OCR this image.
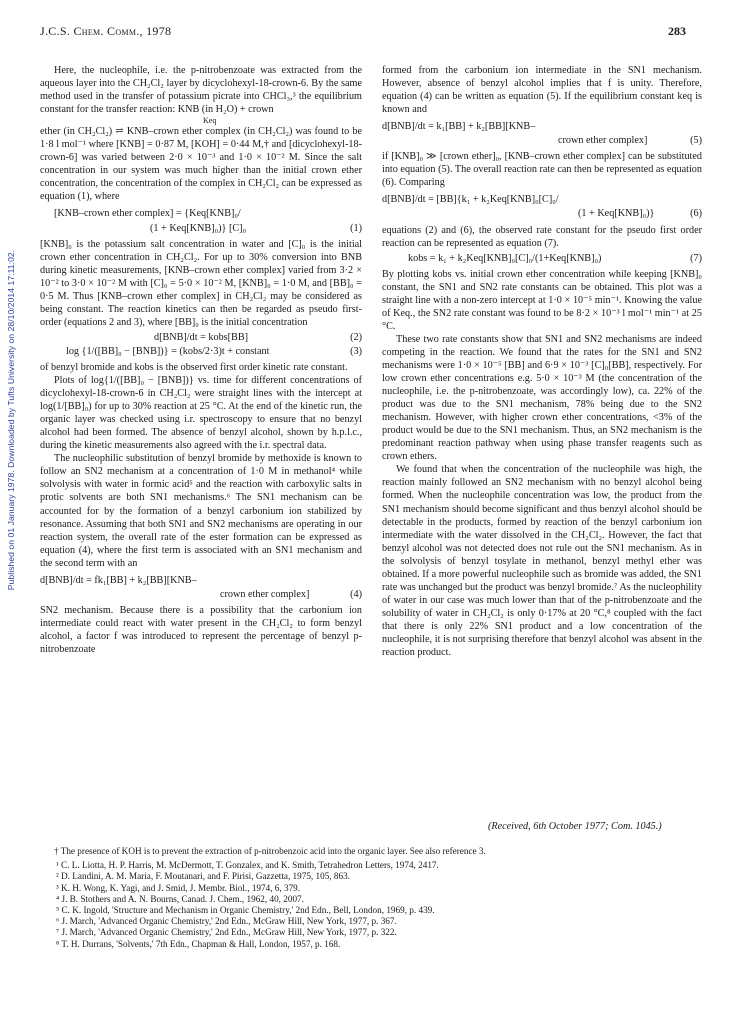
Published on 01 January 1978. Downloaded by Tufts University on 28/10/2014 17:11:02.
J.C.S. Chem. Comm., 1978	283

Here, the nucleophile, i.e. the p-nitrobenzoate was extracted from the aqueous layer into the CH₂Cl₂ layer by dicyclohexyl-18-crown-6. By the same method used in the transfer of potassium picrate into CHCl₃,³ the equilibrium constant for the transfer reaction: KNB (in H₂O) + crown

Keq

ether (in CH₂Cl₂) ⇌ KNB–crown ether complex (in CH₂Cl₂) was found to be 1·8 l mol⁻¹ where [KNB] = 0·87 M, [KOH] = 0·44 M,† and [dicyclohexyl-18-crown-6] was varied between 2·0 × 10⁻³ and 1·0 × 10⁻² M. Since the salt concentration in our system was much higher than the initial crown ether concentration, the concentration of the complex in CH₂Cl₂ can be expressed as equation (1), where

[KNB–crown ether complex] = {Keq[KNB]₀/
(1 + Keq[KNB]₀)} [C]₀	(1)

[KNB]₀ is the potassium salt concentration in water and [C]₀ is the initial crown ether concentration in CH₂Cl₂. For up to 30% conversion into BNB during kinetic measurements, [KNB–crown ether complex] varied from 3·2 × 10⁻² to 3·0 × 10⁻² M with [C]₀ = 5·0 × 10⁻² M, [KNB]₀ = 1·0 M, and [BB]₀ = 0·5 M. Thus [KNB–crown ether complex] in CH₂Cl₂ may be considered as being constant. The reaction kinetics can then be regarded as pseudo first-order (equations 2 and 3), where [BB]₀ is the initial concentration

d[BNB]/dt = kobs[BB]	(2)
log {1/([BB]₀ − [BNB])} = (kobs/2·3)t + constant	(3)

of benzyl bromide and kobs is the observed first order kinetic rate constant.

Plots of log{1/([BB]₀ − [BNB])} vs. time for different concentrations of dicyclohexyl-18-crown-6 in CH₂Cl₂ were straight lines with the intercept at log(1/[BB]₀) for up to 30% reaction at 25 °C. At the end of the kinetic run, the organic layer was checked using i.r. spectroscopy to ensure that no benzyl alcohol had been formed. The absence of benzyl alcohol, shown by h.p.l.c., during the kinetic measurements also agreed with the i.r. spectral data.

The nucleophilic substitution of benzyl bromide by methoxide is known to follow an SN2 mechanism at a concentration of 1·0 M in methanol⁴ while solvolysis with water in formic acid⁵ and the reaction with carboxylic salts in protic solvents are both SN1 mechanisms.⁶ The SN1 mechanism can be accounted for by the formation of a benzyl carbonium ion stabilized by resonance. Assuming that both SN1 and SN2 mechanisms are operating in our reaction system, the overall rate of the ester formation can be expressed as equation (4), where the first term is associated with an SN1 mechanism and the second term with an

d[BNB]/dt = fk₁[BB] + k₂[BB][KNB–
crown ether complex]	(4)

SN2 mechanism. Because there is a possibility that the carbonium ion intermediate could react with water present in the CH₂Cl₂ to form benzyl alcohol, a factor f was introduced to represent the percentage of benzyl p-nitrobenzoate

formed from the carbonium ion intermediate in the SN1 mechanism. However, absence of benzyl alcohol implies that f is unity. Therefore, equation (4) can be written as equation (5). If the equilibrium constant keq is known and

d[BNB]/dt = k₁[BB] + k₂[BB][KNB–
crown ether complex]	(5)

if [KNB]₀ ≫ [crown ether]₀, [KNB–crown ether complex] can be substituted into equation (5). The overall reaction rate can then be represented as equation (6). Comparing

d[BNB]/dt = [BB]{k₁ + k₂Keq[KNB]₀[C]₀/
(1 + Keq[KNB]₀)}	(6)

equations (2) and (6), the observed rate constant for the pseudo first order reaction can be represented as equation (7).

kobs = k₁ + k₂Keq[KNB]₀[C]₀/(1+Keq[KNB]₀)	(7)

By plotting kobs vs. initial crown ether concentration while keeping [KNB]₀ constant, the SN1 and SN2 rate constants can be obtained. This plot was a straight line with a non-zero intercept at 1·0 × 10⁻⁵ min⁻¹. Knowing the value of Keq., the SN2 rate constant was found to be 8·2 × 10⁻³ l mol⁻¹ min⁻¹ at 25 °C.

These two rate constants show that SN1 and SN2 mechanisms are indeed competing in the reaction. We found that the rates for the SN1 and SN2 mechanisms were 1·0 × 10⁻⁵ [BB] and 6·9 × 10⁻³ [C]₀[BB], respectively. For low crown ether concentrations e.g. 5·0 × 10⁻³ M (the concentration of the nucleophile, i.e. the p-nitrobenzoate, was accordingly low), ca. 22% of the product was due to the SN1 mechanism, 78% being due to the SN2 mechanism. However, with higher crown ether concentrations, <3% of the product would be due to the SN1 mechanism. Thus, an SN2 mechanism is the predominant reaction pathway when using phase transfer reagents such as crown ethers.

We found that when the concentration of the nucleophile was high, the reaction mainly followed an SN2 mechanism with no benzyl alcohol being formed. When the nucleophile concentration was low, the product from the SN1 mechanism should become significant and thus benzyl alcohol should be detectable in the products, formed by reaction of the benzyl carbonium ion intermediate with the water dissolved in the CH₂Cl₂. However, the fact that benzyl alcohol was not detected does not rule out the SN1 mechanism. As in the solvolysis of benzyl tosylate in methanol, benzyl methyl ether was obtained. If a more powerful nucleophile such as bromide was added, the SN1 rate was unchanged but the product was benzyl bromide.⁷ As the nucleophility of water in our case was much lower than that of the p-nitrobenzoate and the solubility of water in CH₂Cl₂ is only 0·17% at 20 °C,⁸ coupled with the fact that there is only 22% SN1 product and a low concentration of the nucleophile, it is not surprising therefore that benzyl alcohol was absent in the reaction product.

(Received, 6th October 1977; Com. 1045.)
† The presence of KOH is to prevent the extraction of p-nitrobenzoic acid into the organic layer. See also reference 3.
¹ C. L. Liotta, H. P. Harris, M. McDermott, T. Gonzalex, and K. Smith, Tetrahedron Letters, 1974, 2417.
² D. Landini, A. M. Maria, F. Moutanari, and F. Pirisi, Gazzetta, 1975, 105, 863.
³ K. H. Wong, K. Yagi, and J. Smid, J. Membr. Biol., 1974, 6, 379.
⁴ J. B. Stothers and A. N. Bourns, Canad. J. Chem., 1962, 40, 2007.
⁵ C. K. Ingold, 'Structure and Mechanism in Organic Chemistry,' 2nd Edn., Bell, London, 1969, p. 439.
⁶ J. March, 'Advanced Organic Chemistry,' 2nd Edn., McGraw Hill, New York, 1977, p. 367.
⁷ J. March, 'Advanced Organic Chemistry,' 2nd Edn., McGraw Hill, New York, 1977, p. 322.
⁸ T. H. Durrans, 'Solvents,' 7th Edn., Chapman & Hall, London, 1957, p. 168.
